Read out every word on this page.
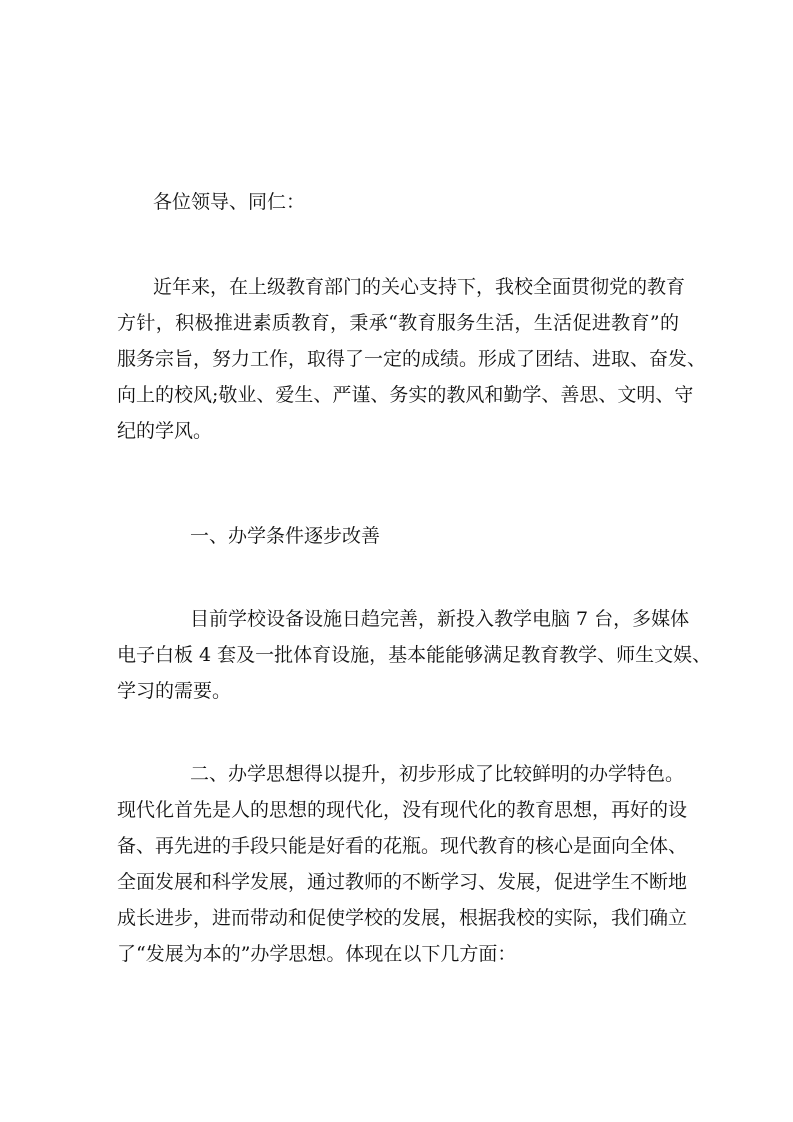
各位领导、同仁：
近年来，在上级教育部门的关心支持下，我校全面贯彻党的教育
方针，积极推进素质教育，秉承“教育服务生活，生活促进教育”的
服务宗旨，努力工作，取得了一定的成绩。形成了团结、进取、奋发、
向上的校风;敬业、爱生、严谨、务实的教风和勤学、善思、文明、守
纪的学风。
一、办学条件逐步改善
目前学校设备设施日趋完善，新投入教学电脑 7 台，多媒体
电子白板 4 套及一批体育设施，基本能能够满足教育教学、师生文娱、
学习的需要。
二、办学思想得以提升，初步形成了比较鲜明的办学特色。
现代化首先是人的思想的现代化，没有现代化的教育思想，再好的设
备、再先进的手段只能是好看的花瓶。现代教育的核心是面向全体、
全面发展和科学发展，通过教师的不断学习、发展，促进学生不断地
成长进步，进而带动和促使学校的发展，根据我校的实际，我们确立
了“发展为本的”办学思想。体现在以下几方面：
